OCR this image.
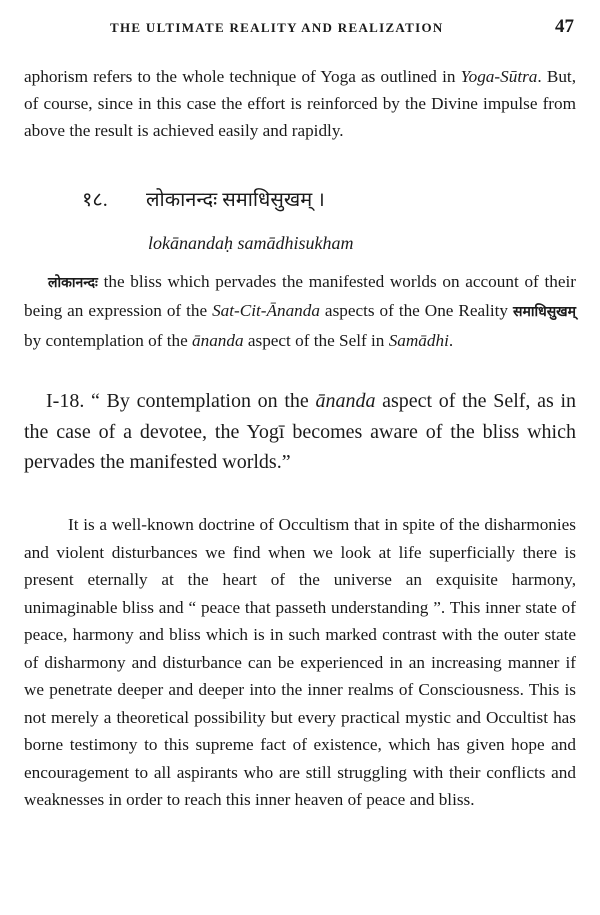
THE ULTIMATE REALITY AND REALIZATION	47

aphorism refers to the whole technique of Yoga as outlined in Yoga-Sūtra. But, of course, since in this case the effort is reinforced by the Divine impulse from above the result is achieved easily and rapidly.

१८. लोकानन्दः समाधिसुखम् ।
lokānandaḥ samādhisukham

लोकानन्दः the bliss which pervades the manifested worlds on account of their being an expression of the Sat-Cit-Ānanda aspects of the One Reality समाधिसुखम् by contemplation of the ānanda aspect of the Self in Samādhi.

I-18. “ By contemplation on the ānanda aspect of the Self, as in the case of a devotee, the Yogī becomes aware of the bliss which pervades the manifested worlds.”

It is a well-known doctrine of Occultism that in spite of the disharmonies and violent disturbances we find when we look at life superficially there is present eternally at the heart of the universe an exquisite harmony, unimaginable bliss and “ peace that passeth understanding ”. This inner state of peace, harmony and bliss which is in such marked contrast with the outer state of disharmony and disturbance can be experienced in an increasing manner if we penetrate deeper and deeper into the inner realms of Consciousness. This is not merely a theoretical possibility but every practical mystic and Occultist has borne testimony to this supreme fact of existence, which has given hope and encouragement to all aspirants who are still struggling with their conflicts and weaknesses in order to reach this inner heaven of peace and bliss.
